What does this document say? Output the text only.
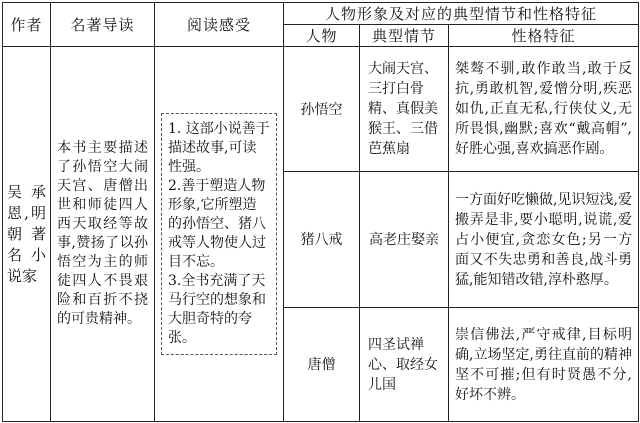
作者	名著导读	阅读感受	人物形象及对应的典型情节和性格特征		
			人物	典型情节	性格特征

吴承恩,明朝著名小说家	本书主要描述了孙悟空大闹天宫、唐僧出世和师徒四人西天取经等故事,赞扬了以孙悟空为主的师徒四人不畏艰险和百折不挠的可贵精神。	1. 这部小说善于描述故事,可读性强。
2.善于塑造人物形象,它所塑造的孙悟空、猪八戒等人物使人过目不忘。
3.全书充满了天马行空的想象和大胆奇特的夸张。	孙悟空	大闹天宫、三打白骨精、真假美猴王、三借芭蕉扇	桀骜不驯,敢作敢当,敢于反抗,勇敢机智,爱憎分明,疾恶如仇,正直无私,行侠仗义,无所畏惧,幽默;喜欢“戴高帽”,好胜心强,喜欢搞恶作剧。

			猪八戒	高老庄娶亲	一方面好吃懒做,见识短浅,爱搬弄是非,要小聪明,说谎,爱占小便宜,贪恋女色;另一方面又不失忠勇和善良,战斗勇猛,能知错改错,淳朴憨厚。

			唐僧	四圣试禅心、取经女儿国	崇信佛法,严守戒律,目标明确,立场坚定,勇往直前的精神坚不可摧;但有时贤愚不分,好坏不辨。
